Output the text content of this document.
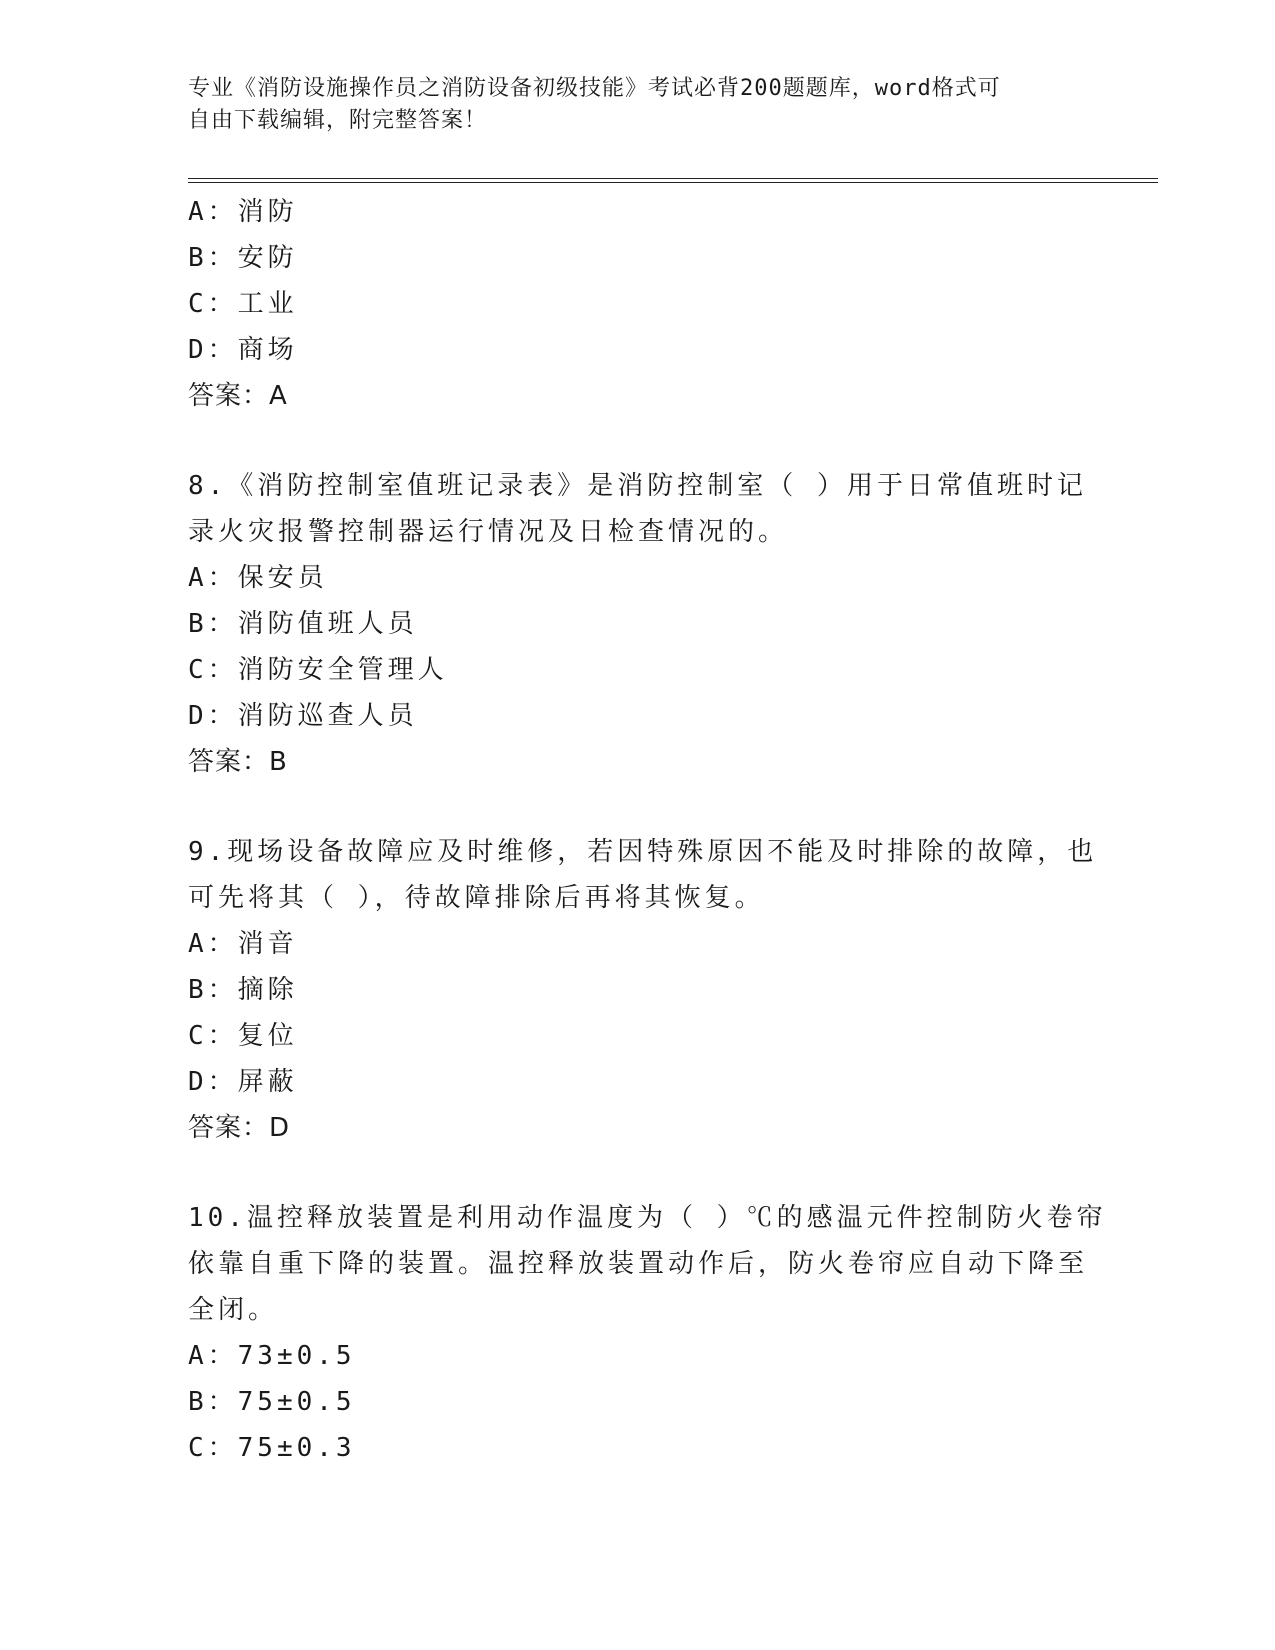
专业《消防设施操作员之消防设备初级技能》考试必背200题题库，word格式可
自由下载编辑，附完整答案！
A：消防
B：安防
C：工业
D：商场
答案：A
8.《消防控制室值班记录表》是消防控制室（ ）用于日常值班时记
录火灾报警控制器运行情况及日检查情况的。
A：保安员
B：消防值班人员
C：消防安全管理人
D：消防巡查人员
答案：B
9.现场设备故障应及时维修，若因特殊原因不能及时排除的故障，也
可先将其（ ），待故障排除后再将其恢复。
A：消音
B：摘除
C：复位
D：屏蔽
答案：D
10.温控释放装置是利用动作温度为（ ）℃的感温元件控制防火卷帘
依靠自重下降的装置。温控释放装置动作后，防火卷帘应自动下降至
全闭。
A：73±0.5
B：75±0.5
C：75±0.3
